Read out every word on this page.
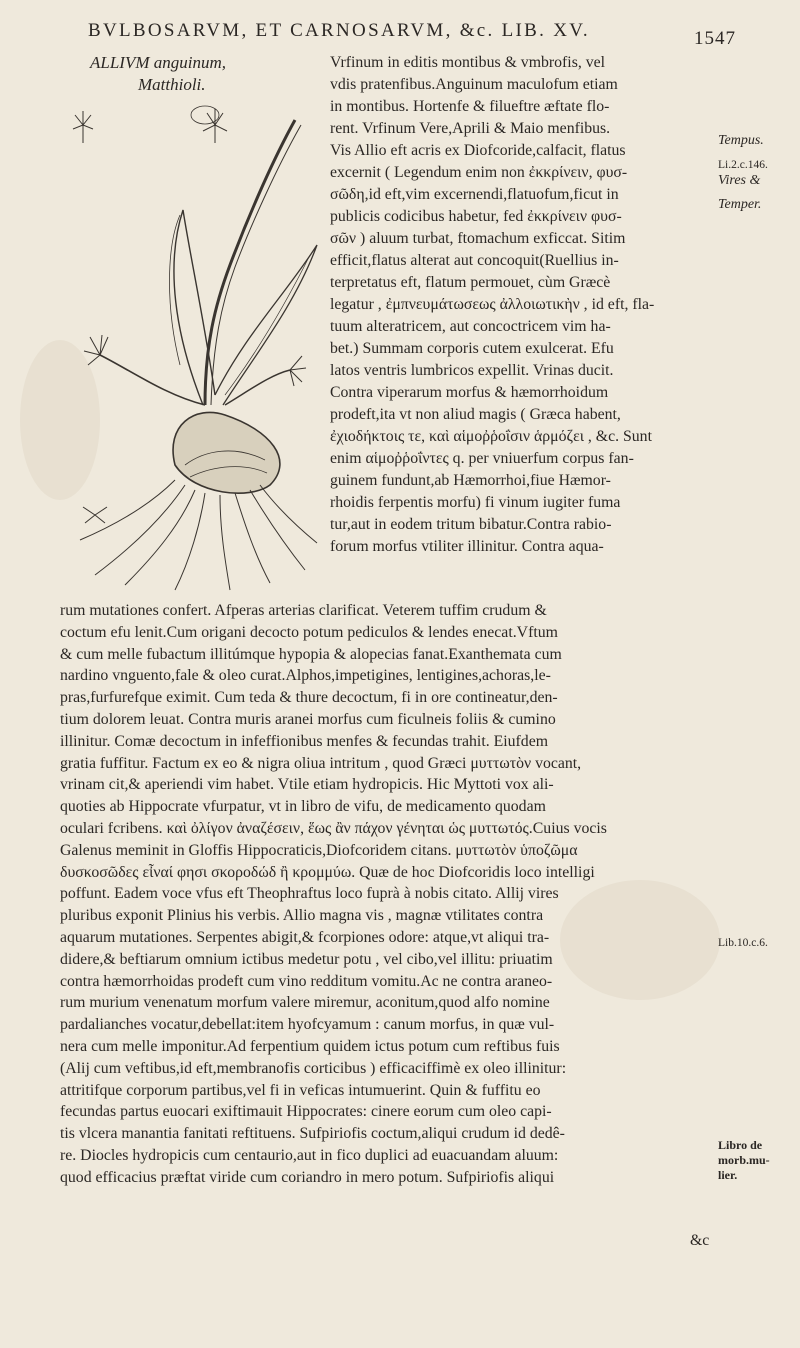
BVLBOSARVM, ET CARNOSARVM, &c. LIB. XV.	1547
ALLIVM anguinum,
Matthioli.
Vrfinum in editis montibus & vmbrofis, vel
vdis pratenfibus.Anguinum maculofum etiam
in montibus. Hortenfe & filueftre æftate flo-
rent. Vrfinum Vere,Aprili & Maio menfibus.
Vis Allio eft acris ex Diofcoride,calfacit, flatus
excernit ( Legendum enim non ἐκκρίνειν, φυσ-
σῶδη,id eft,vim excernendi,flatuofum,ficut in
publicis codicibus habetur, fed ἐκκρίνειν φυσ-
σῶν ) aluum turbat, ftomachum exficcat. Sitim
efficit,flatus alterat aut concoquit(Ruellius in-
terpretatus eft, flatum permouet, cùm Græcè
legatur , ἐμπνευμάτωσεως ἀλλοιωτικὴν , id eft, fla-
tuum alteratricem, aut concoctricem vim ha-
bet.) Summam corporis cutem exulcerat. Efu
latos ventris lumbricos expellit. Vrinas ducit.
Contra viperarum morfus & hæmorrhoidum
prodeft,ita vt non aliud magis ( Græca habent,
ἐχιοδήκτοις τε, καὶ αἱμοῤῥοΐσιν ἁρμόζει , &c. Sunt
enim αἱμοῤῥοΐντες q. per vniuerfum corpus fan-
guinem fundunt,ab Hæmorrhoi,fiue Hæmor-
rhoidis ferpentis morfu) fi vinum iugiter fuma
tur,aut in eodem tritum bibatur.Contra rabio-
forum morfus vtiliter illinitur. Contra aqua-
rum mutationes confert. Afperas arterias clarificat. Veterem tuffim crudum &
coctum efu lenit.Cum origani decocto potum pediculos & lendes enecat.Vftum
& cum melle fubactum illitúmque hypopia & alopecias fanat.Exanthemata cum
nardino vnguento,fale & oleo curat.Alphos,impetigines, lentigines,achoras,le-
pras,furfurefque eximit. Cum teda & thure decoctum, fi in ore contineatur,den-
tium dolorem leuat. Contra muris aranei morfus cum ficulneis foliis & cumino
illinitur. Comæ decoctum in infeffionibus menfes & fecundas trahit. Eiufdem
gratia fuffitur. Factum ex eo & nigra oliua intritum , quod Græci μυττωτὸν vocant,
vrinam cit,& aperiendi vim habet. Vtile etiam hydropicis. Hic Myttoti vox ali-
quoties ab Hippocrate vfurpatur, vt in libro de vifu, de medicamento quodam
oculari fcribens. καὶ ὀλίγον ἀναζέσειν, ἕως ἂν πάχον γένηται ὡς μυττωτός.Cuius vocis
Galenus meminit in Gloffis Hippocraticis,Diofcoridem citans. μυττωτὸν ὑποζῶμα
δυσκοσῶδες εἶναί φησι σκοροδώδ ἢ κρομμύω. Quæ de hoc Diofcoridis loco intelligi
poffunt. Eadem voce vfus eft Theophraftus loco fuprà à nobis citato. Allij vires
pluribus exponit Plinius his verbis. Allio magna vis , magnæ vtilitates contra
aquarum mutationes. Serpentes abigit,& fcorpiones odore: atque,vt aliqui tra-
didere,& beftiarum omnium ictibus medetur potu , vel cibo,vel illitu: priuatim
contra hæmorrhoidas prodeft cum vino redditum vomitu.Ac ne contra araneo-
rum murium venenatum morfum valere miremur, aconitum,quod alfo nomine
pardalianches vocatur,debellat:item hyofcyamum : canum morfus, in quæ vul-
nera cum melle imponitur.Ad ferpentium quidem ictus potum cum reftibus fuis
(Alij cum veftibus,id eft,membranofis corticibus ) efficaciffimè ex oleo illinitur:
attritifque corporum partibus,vel fi in veficas intumuerint. Quin & fuffitu eo
fecundas partus euocari exiftimauit Hippocrates: cinere eorum cum oleo capi-
tis vlcera manantia fanitati reftituens. Sufpiriofis coctum,aliqui crudum id dedê-
re. Diocles hydropicis cum centaurio,aut in fico duplici ad euacuandam aluum:
quod efficacius præftat viride cum coriandro in mero potum. Sufpiriofis aliqui
&c
Tempus.
Li.2.c.146.
Vires &
Temper.
Lib.10.c.6.
Libro de
morb.mu-
lier.
